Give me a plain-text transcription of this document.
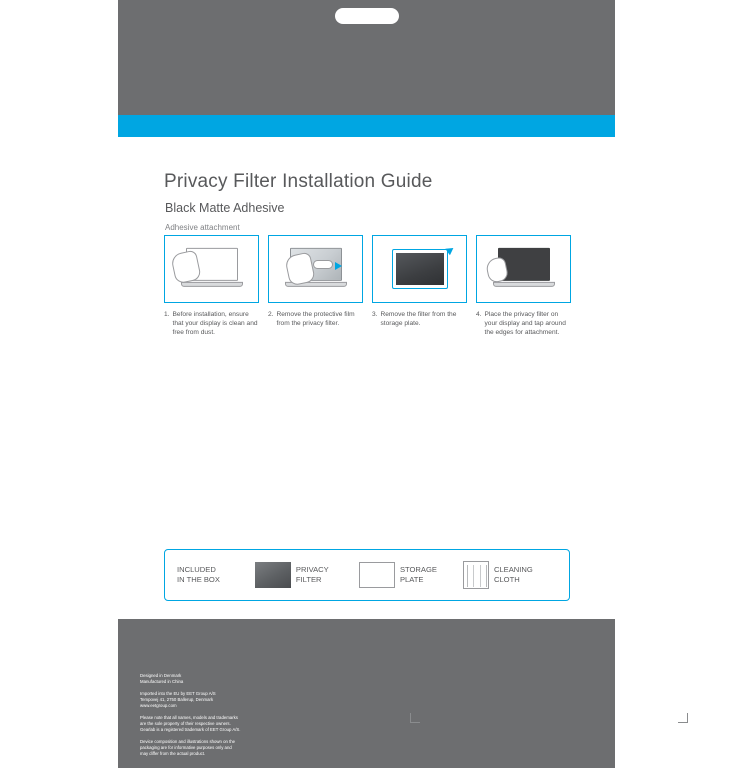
Privacy Filter Installation Guide
Black Matte Adhesive
Adhesive attachment
1. Before installation, ensure that your display is clean and free from dust.
2. Remove the protective film from the privacy filter.
3. Remove the filter from the storage plate.
4. Place the privacy filter on your display and tap around the edges for attachment.
INCLUDED
IN THE BOX
PRIVACY
FILTER
STORAGE
PLATE
CLEANING
CLOTH

Designed in Denmark
Manufactured in China

Imported into the EU by EET Group A/S
Tempovej 41, 2750 Ballerup, Denmark
www.eetgroup.com

Please note that all names, models and trademarks
are the sole property of their respective owners.
Gearlab is a registered trademark of EET Group A/S.

Device composition and illustrations shown on the
packaging are for informative purposes only and
may differ from the actual product.
